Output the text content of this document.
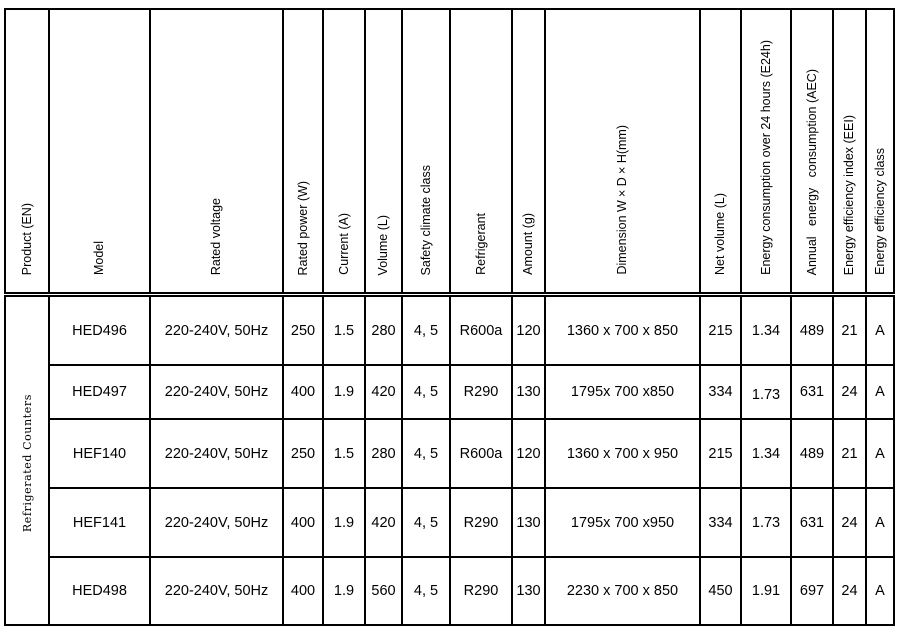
Product (EN)	Model	Rated voltage	Rated power (W)	Current (A)	Volume (L)	Safety climate class	Refrigerant	Amount (g)	Dimension W×D×H(mm)	Net volume (L)	Energy consumption over 24 hours (E24h)	Annual   energy   consumption (AEC)	Energy efficiency index (EEI)	Energy efficiency class
Refrigerated Counters	HED496	220-240V, 50Hz	250	1.5	280	4, 5	R600a	120	1360 x 700 x 850	215	1.34	489	21	A
	HED497	220-240V, 50Hz	400	1.9	420	4, 5	R290	130	1795x 700 x850	334	1.73	631	24	A
	HEF140	220-240V, 50Hz	250	1.5	280	4, 5	R600a	120	1360 x 700 x 950	215	1.34	489	21	A
	HEF141	220-240V, 50Hz	400	1.9	420	4, 5	R290	130	1795x 700 x950	334	1.73	631	24	A
	HED498	220-240V, 50Hz	400	1.9	560	4, 5	R290	130	2230 x 700 x 850	450	1.91	697	24	A
